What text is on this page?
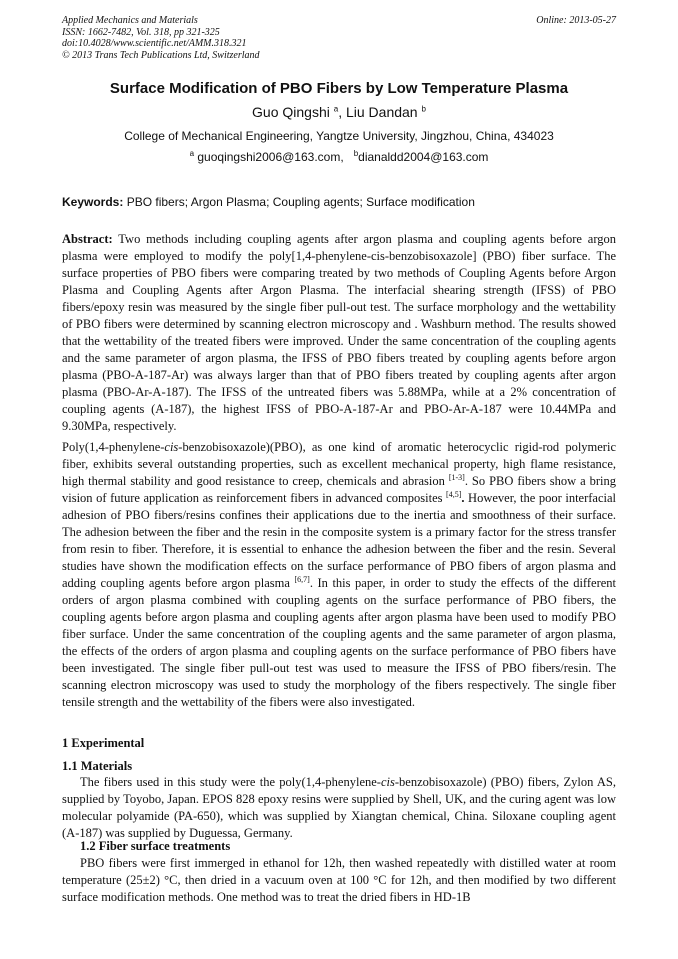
Applied Mechanics and Materials
ISSN: 1662-7482, Vol. 318, pp 321-325
doi:10.4028/www.scientific.net/AMM.318.321
© 2013 Trans Tech Publications Ltd, Switzerland
Online: 2013-05-27
Surface Modification of PBO Fibers by Low Temperature Plasma
Guo Qingshi $^a$, Liu Dandan $^b$
College of Mechanical Engineering, Yangtze University, Jingzhou, China, 434023
$^a$ guoqingshi2006@163.com, $^b$dianaldd2004@163.com
Keywords: PBO fibers; Argon Plasma; Coupling agents; Surface modification

Abstract: Two methods including coupling agents after argon plasma and coupling agents before argon plasma were employed to modify the poly[1,4-phenylene-cis-benzobisoxazole] (PBO) fiber surface. The surface properties of PBO fibers were comparing treated by two methods of Coupling Agents before Argon Plasma and Coupling Agents after Argon Plasma. The interfacial shearing strength (IFSS) of PBO fibers/epoxy resin was measured by the single fiber pull-out test. The surface morphology and the wettability of PBO fibers were determined by scanning electron microscopy and . Washburn method. The results showed that the wettability of the treated fibers were improved. Under the same concentration of the coupling agents and the same parameter of argon plasma, the IFSS of PBO fibers treated by coupling agents before argon plasma (PBO-A-187-Ar) was always larger than that of PBO fibers treated by coupling agents after argon plasma (PBO-Ar-A-187). The IFSS of the untreated fibers was 5.88MPa, while at a 2% concentration of coupling agents (A-187), the highest IFSS of PBO-A-187-Ar and PBO-Ar-A-187 were 10.44MPa and 9.30MPa, respectively.

Poly(1,4-phenylene-cis-benzobisoxazole)(PBO), as one kind of aromatic heterocyclic rigid-rod polymeric fiber, exhibits several outstanding properties, such as excellent mechanical property, high flame resistance, high thermal stability and good resistance to creep, chemicals and abrasion [1-3]. So PBO fibers show a bring vision of future application as reinforcement fibers in advanced composites [4,5]. However, the poor interfacial adhesion of PBO fibers/resins confines their applications due to the inertia and smoothness of their surface. The adhesion between the fiber and the resin in the composite system is a primary factor for the stress transfer from resin to fiber. Therefore, it is essential to enhance the adhesion between the fiber and the resin. Several studies have shown the modification effects on the surface performance of PBO fibers of argon plasma and adding coupling agents before argon plasma [6,7]. In this paper, in order to study the effects of the different orders of argon plasma combined with coupling agents on the surface performance of PBO fibers, the coupling agents before argon plasma and coupling agents after argon plasma have been used to modify PBO fiber surface. Under the same concentration of the coupling agents and the same parameter of argon plasma, the effects of the orders of argon plasma and coupling agents on the surface performance of PBO fibers have been investigated. The single fiber pull-out test was used to measure the IFSS of PBO fibers/resin. The scanning electron microscopy was used to study the morphology of the fibers respectively. The single fiber tensile strength and the wettability of the fibers were also investigated.

1 Experimental
1.1 Materials

The fibers used in this study were the poly(1,4-phenylene-cis-benzobisoxazole) (PBO) fibers, Zylon AS, supplied by Toyobo, Japan. EPOS 828 epoxy resins were supplied by Shell, UK, and the curing agent was low molecular polyamide (PA-650), which was supplied by Xiangtan chemical, China. Siloxane coupling agent (A-187) was supplied by Duguessa, Germany.

1.2 Fiber surface treatments

PBO fibers were first immerged in ethanol for 12h, then washed repeatedly with distilled water at room temperature (25±2) °C, then dried in a vacuum oven at 100 °C for 12h, and then modified by two different surface modification methods. One method was to treat the dried fibers in HD-1B
